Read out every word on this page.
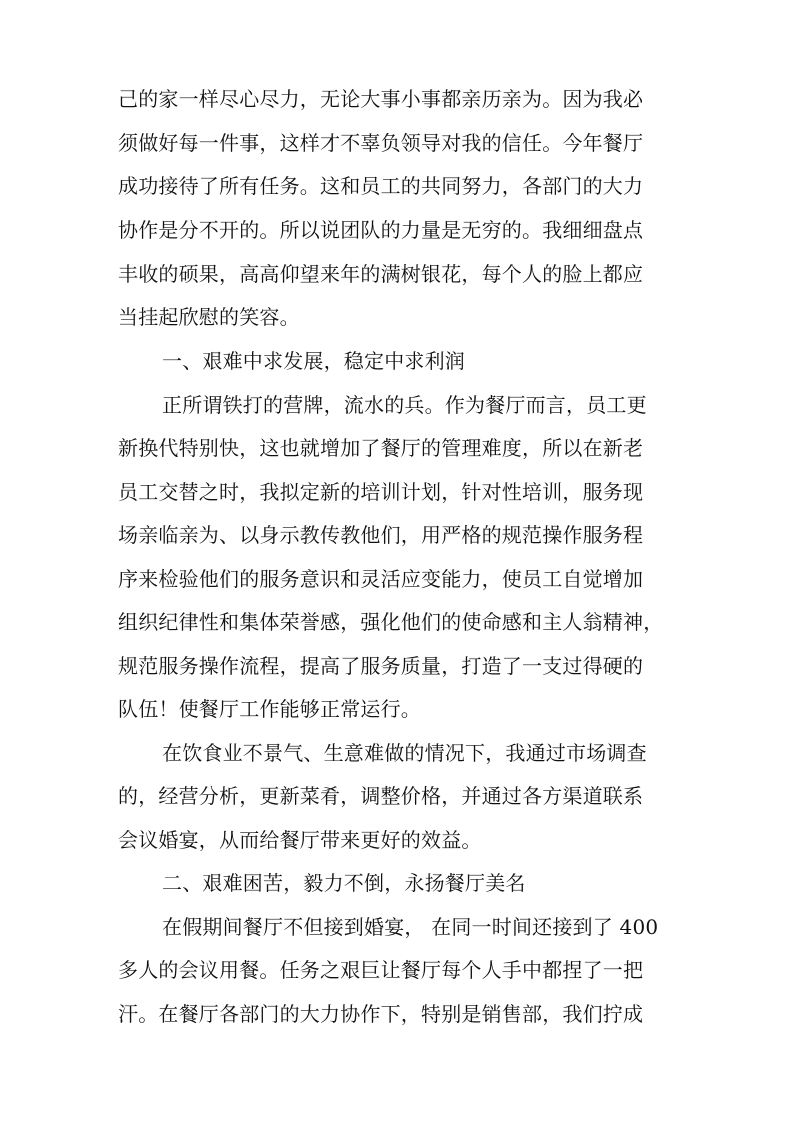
己的家一样尽心尽力，无论大事小事都亲历亲为。因为我必
须做好每一件事，这样才不辜负领导对我的信任。今年餐厅
成功接待了所有任务。这和员工的共同努力，各部门的大力
协作是分不开的。所以说团队的力量是无穷的。我细细盘点
丰收的硕果，高高仰望来年的满树银花，每个人的脸上都应
当挂起欣慰的笑容。
一、艰难中求发展，稳定中求利润
正所谓铁打的营牌，流水的兵。作为餐厅而言，员工更
新换代特别快，这也就增加了餐厅的管理难度，所以在新老
员工交替之时，我拟定新的培训计划，针对性培训，服务现
场亲临亲为、以身示教传教他们，用严格的规范操作服务程
序来检验他们的服务意识和灵活应变能力，使员工自觉增加
组织纪律性和集体荣誉感，强化他们的使命感和主人翁精神，
规范服务操作流程，提高了服务质量，打造了一支过得硬的
队伍！使餐厅工作能够正常运行。
在饮食业不景气、生意难做的情况下，我通过市场调查
的，经营分析，更新菜肴，调整价格，并通过各方渠道联系
会议婚宴，从而给餐厅带来更好的效益。
二、艰难困苦，毅力不倒，永扬餐厅美名
在假期间餐厅不但接到婚宴， 在同一时间还接到了 400
多人的会议用餐。任务之艰巨让餐厅每个人手中都捏了一把
汗。在餐厅各部门的大力协作下，特别是销售部，我们拧成
